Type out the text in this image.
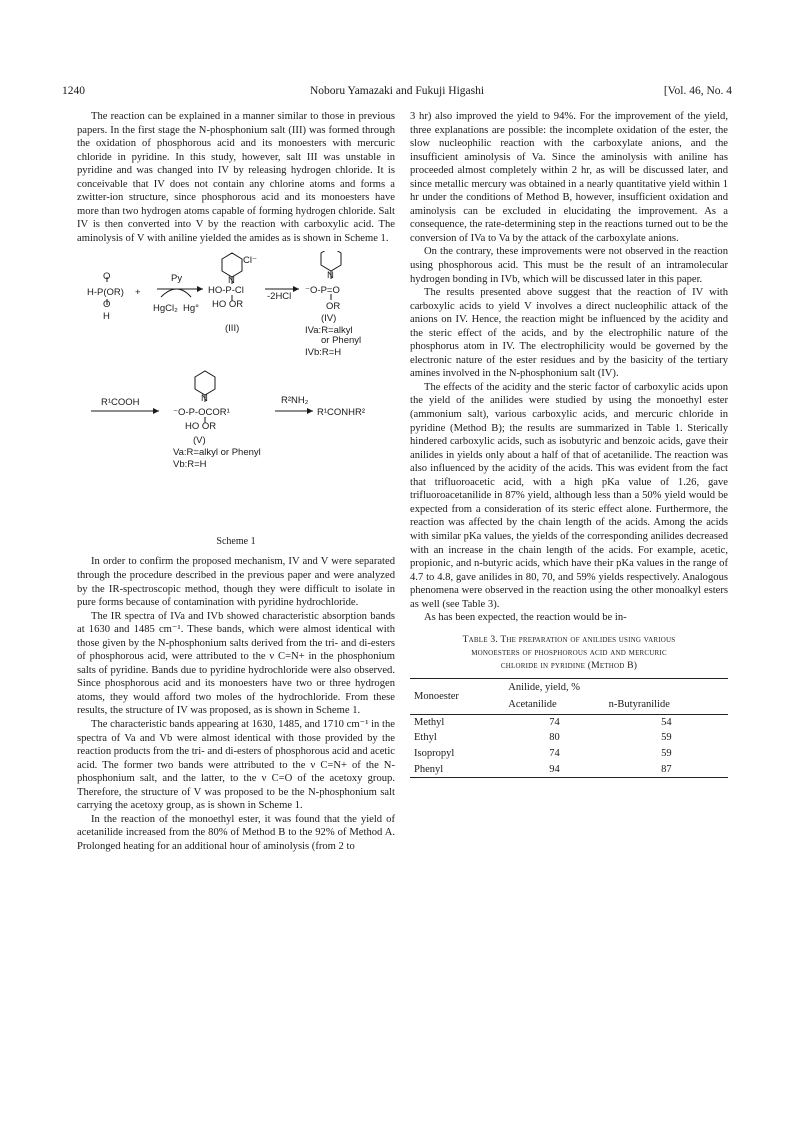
1240	Noboru Yamazaki and Fukuji Higashi	[Vol. 46, No. 4

The reaction can be explained in a manner similar to those in previous papers. In the first stage the N-phosphonium salt (III) was formed through the oxidation of phosphorous acid and its monoesters with mercuric chloride in pyridine. In this study, however, salt III was unstable in pyridine and was changed into IV by releasing hydrogen chloride. It is conceivable that IV does not contain any chlorine atoms and forms a zwitter-ion structure, since phosphorous acid and its monoesters have more than two hydrogen atoms capable of forming hydrogen chloride. Salt IV is then converted into V by the reaction with carboxylic acid. The aminolysis of V with aniline yielded the amides as is shown in Scheme 1.

O
H-P(OR) +
O
H
Py
HgCl₂ Hg°
Cl⁻
N
HO-P-Cl
HO OR
(III)
-2HCl
N
⁻O-P=O
OR
(IV)
IVa:R=alkyl
or Phenyl
IVb:R=H
R¹COOH	N
⁻O-P-OCOR¹
HO OR
(V)
Va:R=alkyl or Phenyl
Vb:R=H
R²NH₂
R¹CONHR²
Scheme 1

In order to confirm the proposed mechanism, IV and V were separated through the procedure described in the previous paper and were analyzed by the IR-spectroscopic method, though they were difficult to isolate in pure forms because of contamination with pyridine hydrochloride.

The IR spectra of IVa and IVb showed characteristic absorption bands at 1630 and 1485 cm⁻¹. These bands, which were almost identical with those given by the N-phosphonium salts derived from the tri- and di-esters of phosphorous acid, were attributed to the ν C=N+ in the phosphonium salts of pyridine. Bands due to pyridine hydrochloride were also observed. Since phosphorous acid and its monoesters have two or three hydrogen atoms, they would afford two moles of the hydrochloride. From these results, the structure of IV was proposed, as is shown in Scheme 1.

The characteristic bands appearing at 1630, 1485, and 1710 cm⁻¹ in the spectra of Va and Vb were almost identical with those provided by the reaction products from the tri- and di-esters of phosphorous acid and acetic acid. The former two bands were attributed to the ν C=N+ of the N-phosphonium salt, and the latter, to the ν C=O of the acetoxy group. Therefore, the structure of V was proposed to be the N-phosphonium salt carrying the acetoxy group, as is shown in Scheme 1.

In the reaction of the monoethyl ester, it was found that the yield of acetanilide increased from the 80% of Method B to the 92% of Method A. Prolonged heating for an additional hour of aminolysis (from 2 to

3 hr) also improved the yield to 94%. For the improvement of the yield, three explanations are possible: the incomplete oxidation of the ester, the slow nucleophilic reaction with the carboxylate anions, and the insufficient aminolysis of Va. Since the aminolysis with aniline has proceeded almost completely within 2 hr, as will be discussed later, and since metallic mercury was obtained in a nearly quantitative yield within 1 hr under the conditions of Method B, however, insufficient oxidation and aminolysis can be excluded in elucidating the improvement. As a consequence, the rate-determining step in the reactions turned out to be the conversion of IVa to Va by the attack of the carboxylate anions.

On the contrary, these improvements were not observed in the reaction using phosphorous acid. This must be the result of an intramolecular hydrogen bonding in IVb, which will be discussed later in this paper.

The results presented above suggest that the reaction of IV with carboxylic acids to yield V involves a direct nucleophilic attack of the anions on IV. Hence, the reaction might be influenced by the acidity and the steric effect of the acids, and by the electrophilic nature of the phosphorus atom in IV. The electrophilicity would be governed by the electronic nature of the ester residues and by the basicity of the tertiary amines involved in the N-phosphonium salt (IV).

The effects of the acidity and the steric factor of carboxylic acids upon the yield of the anilides were studied by using the monoethyl ester (ammonium salt), various carboxylic acids, and mercuric chloride in pyridine (Method B); the results are summarized in Table 1. Sterically hindered carboxylic acids, such as isobutyric and benzoic acids, gave their anilides in yields only about a half of that of acetanilide. The reaction was also influenced by the acidity of the acids. This was evident from the fact that trifluoroacetic acid, with a high pKa value of 1.26, gave trifluoroacetanilide in 87% yield, although less than a 50% yield would be expected from a consideration of its steric effect alone. Furthermore, the reaction was affected by the chain length of the acids. Among the acids with similar pKa values, the yields of the corresponding anilides decreased with an increase in the chain length of the acids. For example, acetic, propionic, and n-butyric acids, which have their pKa values in the range of 4.7 to 4.8, gave anilides in 80, 70, and 59% yields respectively. Analogous phenomena were observed in the reaction using the other monoalkyl esters as well (see Table 3).

As has been expected, the reaction would be in-

Table 3. The preparation of anilides using various
monoesters of phosphorous acid and mercuric
chloride in pyridine (Method B)
Monoester	Anilide, yield, %	
	Acetanilide	n-Butyranilide
Methyl	74	54
Ethyl	80	59
Isopropyl	74	59
Phenyl	94	87
